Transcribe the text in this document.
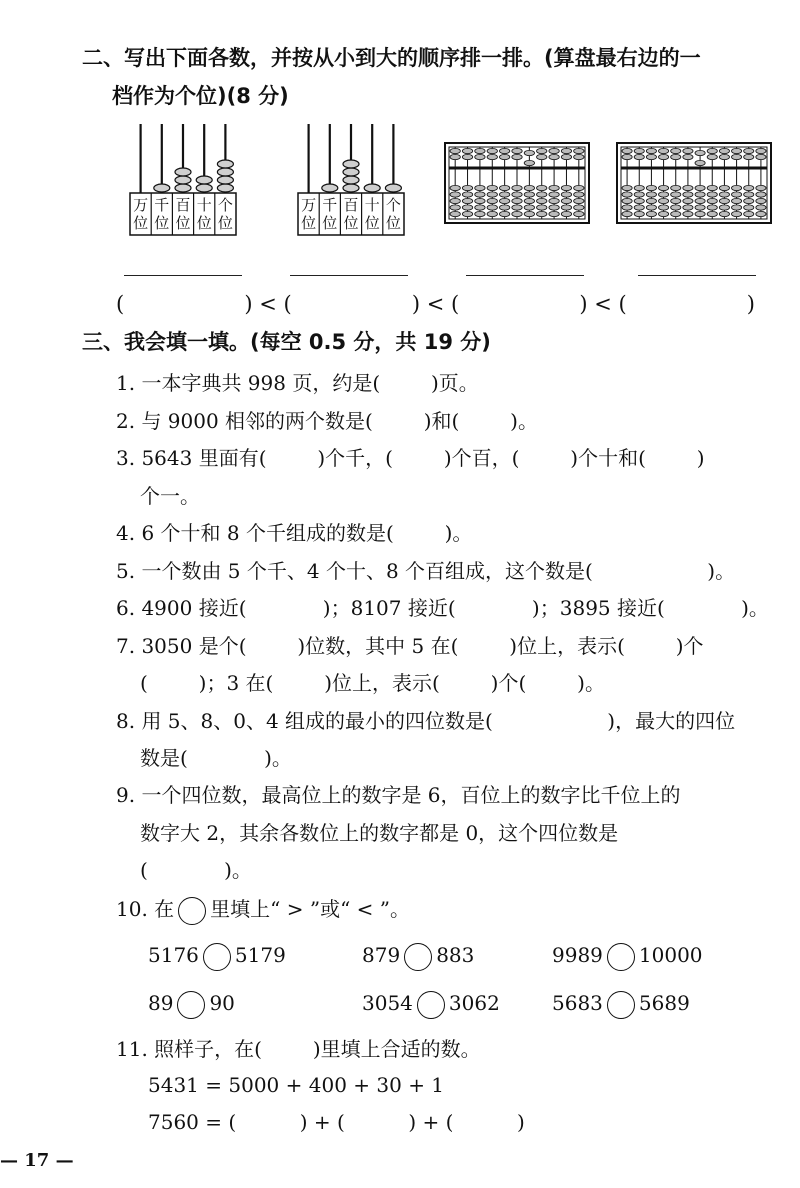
二、写出下面各数，并按从小到大的顺序排一排。(算盘最右边的一
档作为个位)(8 分)
万
位
千
位
百
位
十
位
个
位
万
位
千
位
百
位
十
位
个
位
(                  ) < (                  ) < (                  ) < (                  )
三、我会填一填。(每空 0.5 分，共 19 分)
1. 一本字典共 998 页，约是(        )页。
2. 与 9000 相邻的两个数是(        )和(        )。
3. 5643 里面有(        )个千，(        )个百，(        )个十和(        )
个一。
4. 6 个十和 8 个千组成的数是(        )。
5. 一个数由 5 个千、4 个十、8 个百组成，这个数是(                  )。
6. 4900 接近(            )；8107 接近(            )；3895 接近(            )。
7. 3050 是个(        )位数，其中 5 在(        )位上，表示(        )个
(        )；3 在(        )位上，表示(        )个(        )。
8. 用 5、8、0、4 组成的最小的四位数是(                  )，最大的四位
数是(            )。
9. 一个四位数，最高位上的数字是 6，百位上的数字比千位上的
数字大 2，其余各数位上的数字都是 0，这个四位数是
(            )。
10. 在 里填上“ > ”或“ < ”。
5176 5179	879 883	9989 10000
89 90	3054 3062	5683 5689
11. 照样子，在(        )里填上合适的数。
5431 = 5000 + 400 + 30 + 1
7560 = (          ) + (          ) + (          )
— 17 —
